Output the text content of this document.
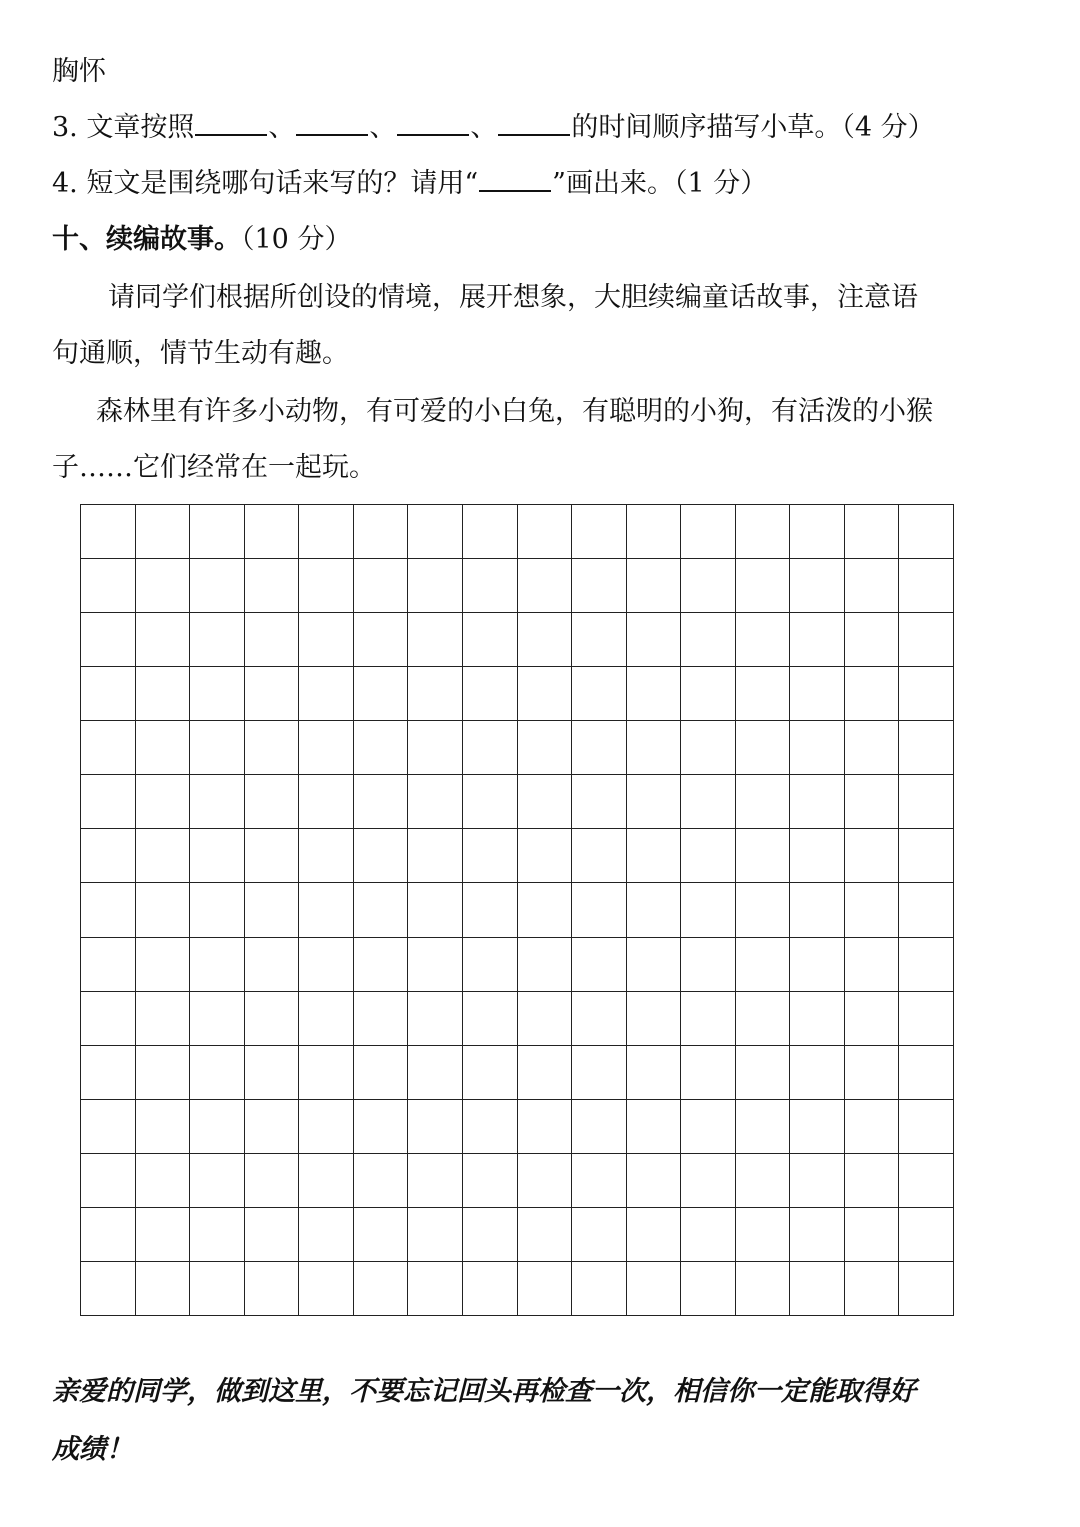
胸怀
3. 文章按照	、	、	、	的时间顺序描写小草。（4 分）
4. 短文是围绕哪句话来写的？请用“	”画出来。（1 分）
十、续编故事。（10 分）
请同学们根据所创设的情境，展开想象，大胆续编童话故事，注意语
句通顺，情节生动有趣。
森林里有许多小动物，有可爱的小白兔，有聪明的小狗，有活泼的小猴
子……它们经常在一起玩。
亲爱的同学，做到这里，不要忘记回头再检查一次，相信你一定能取得好
成绩！
